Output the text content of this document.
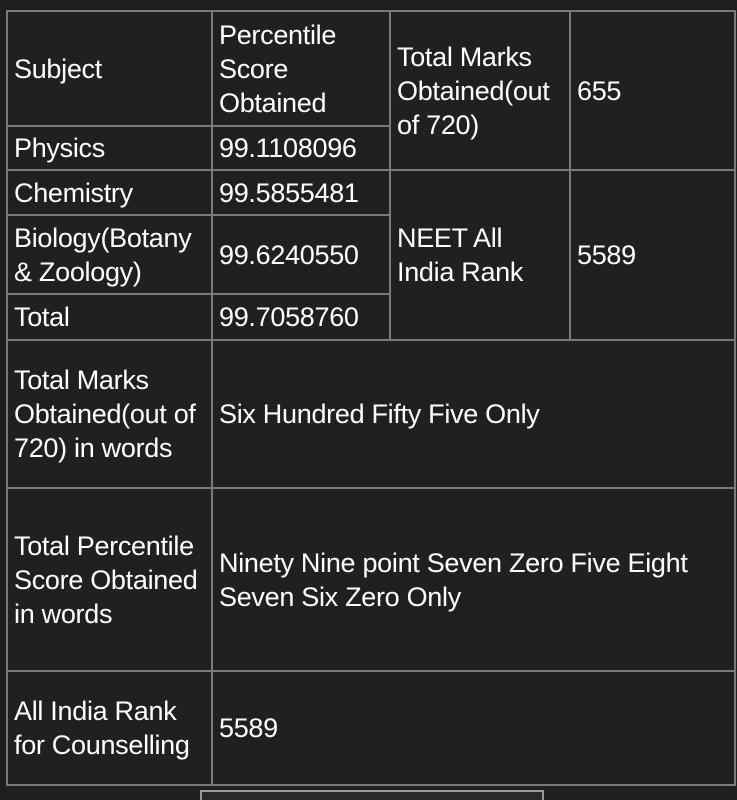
Subject	Percentile Score Obtained	Total Marks Obtained(out of 720)	655
Physics	99.1108096		
Chemistry	99.5855481	NEET All India Rank	5589
Biology(Botany & Zoology)	99.6240550		
Total	99.7058760		
Total Marks Obtained(out of 720) in words	Six Hundred Fifty Five Only		
Total Percentile Score Obtained in words	Ninety Nine point Seven Zero Five Eight Seven Six Zero Only		
All India Rank for Counselling	5589		
